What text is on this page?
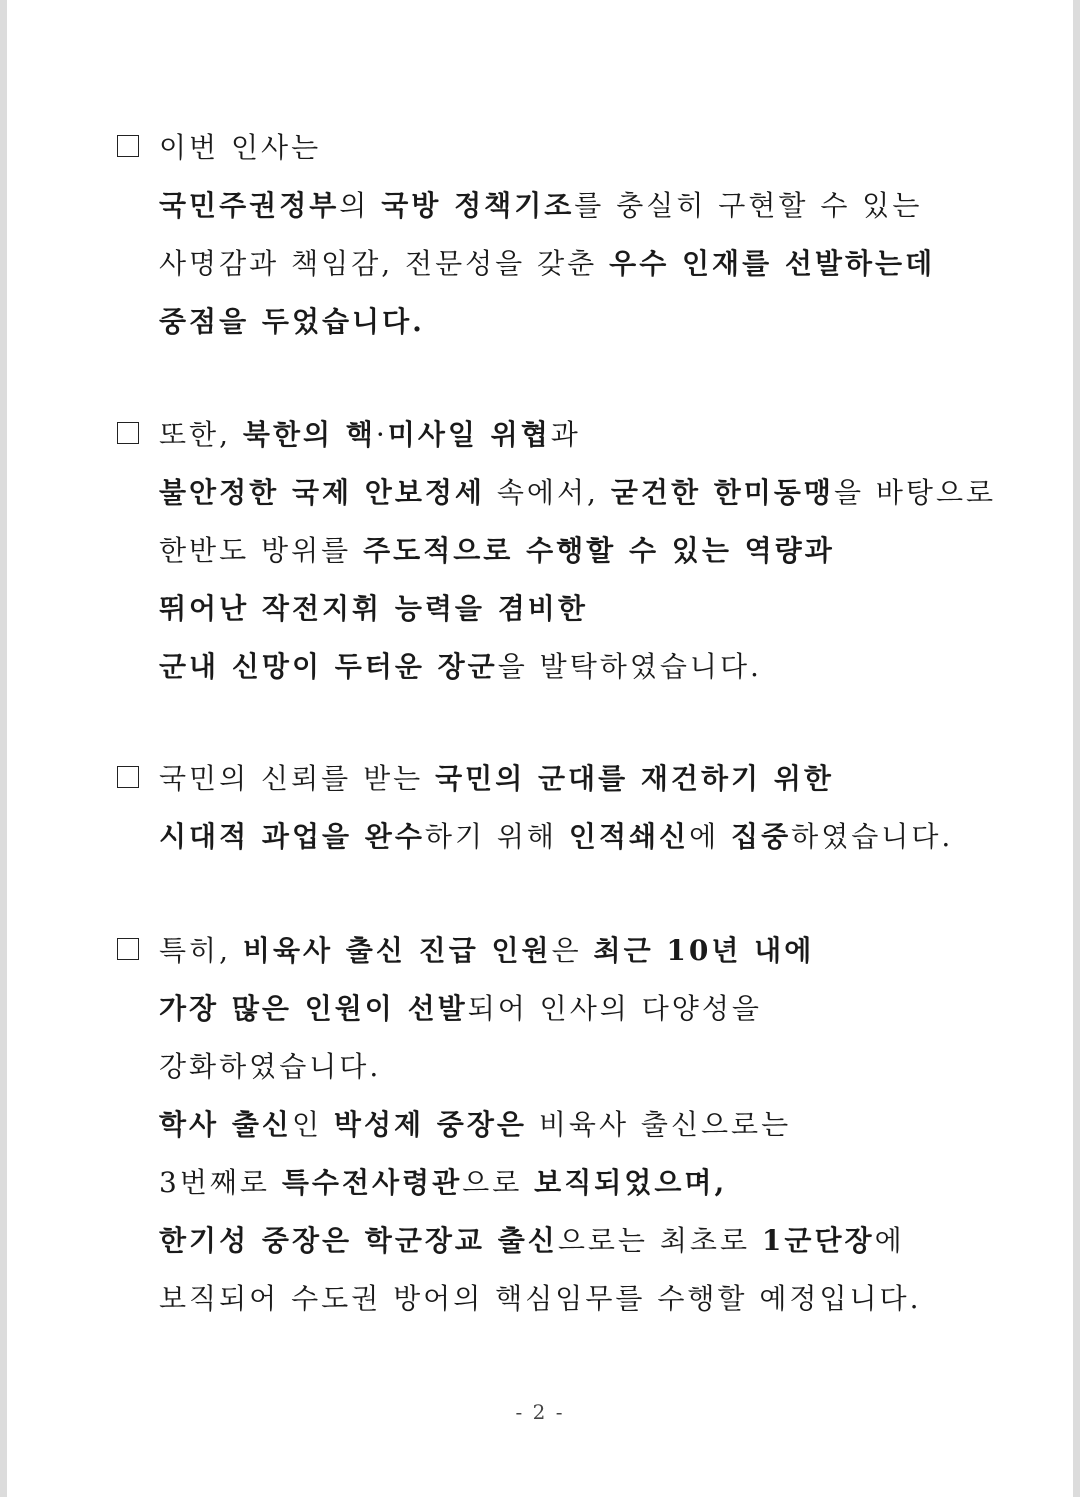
이번 인사는
국민주권정부의 국방 정책기조를 충실히 구현할 수 있는
사명감과 책임감, 전문성을 갖춘 우수 인재를 선발하는데
중점을 두었습니다.
또한, 북한의 핵·미사일 위협과
불안정한 국제 안보정세 속에서, 굳건한 한미동맹을 바탕으로
한반도 방위를 주도적으로 수행할 수 있는 역량과
뛰어난 작전지휘 능력을 겸비한
군내 신망이 두터운 장군을 발탁하였습니다.
국민의 신뢰를 받는 국민의 군대를 재건하기 위한
시대적 과업을 완수하기 위해 인적쇄신에 집중하였습니다.
특히, 비육사 출신 진급 인원은 최근 10년 내에
가장 많은 인원이 선발되어 인사의 다양성을
강화하였습니다.
학사 출신인 박성제 중장은 비육사 출신으로는
3번째로 특수전사령관으로 보직되었으며,
한기성 중장은 학군장교 출신으로는 최초로 1군단장에
보직되어 수도권 방어의 핵심임무를 수행할 예정입니다.
- 2 -
